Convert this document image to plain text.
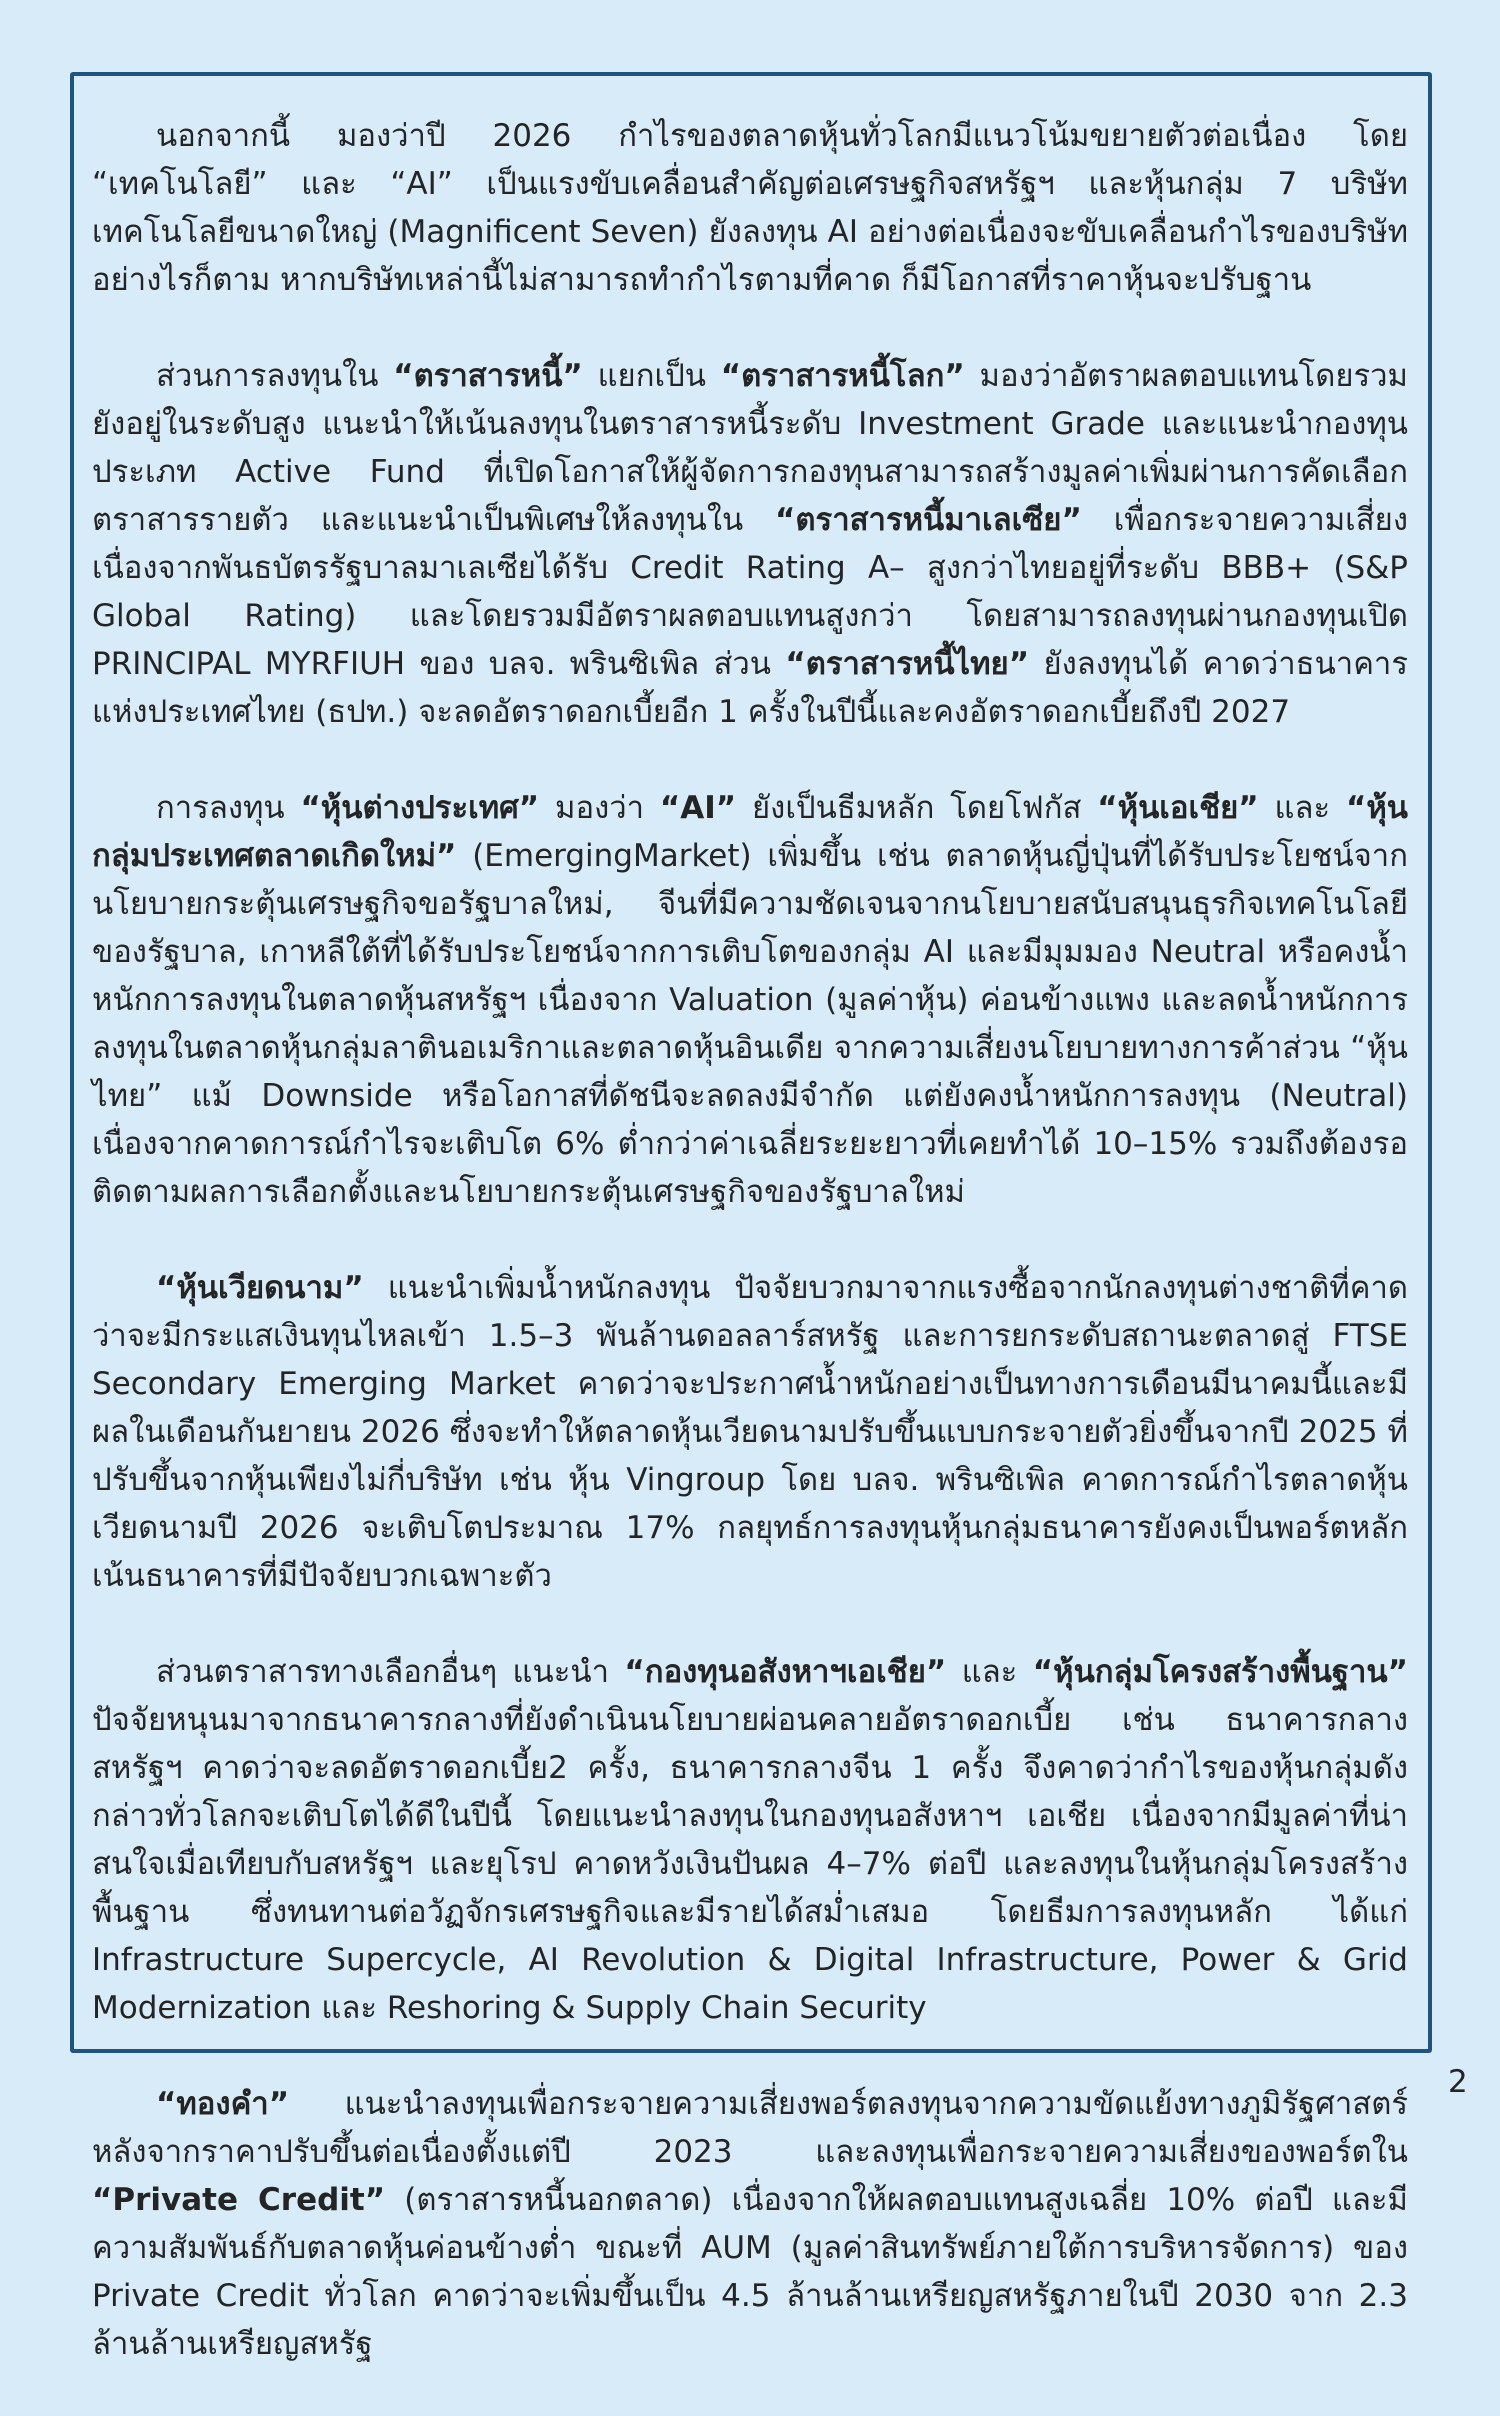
นอกจากนี้ มองว่าปี 2026 กำไรของตลาดหุ้นทั่วโลกมีแนวโน้มขยายตัวต่อเนื่อง โดย “เทคโนโลยี” และ “AI” เป็นแรงขับเคลื่อนสำคัญต่อเศรษฐกิจสหรัฐฯ และหุ้นกลุ่ม 7 บริษัทเทคโนโลยีขนาดใหญ่ (Magnificent Seven) ยังลงทุน AI อย่างต่อเนื่องจะขับเคลื่อนกำไรของบริษัท อย่างไรก็ตาม หากบริษัทเหล่านี้ไม่สามารถทำกำไรตามที่คาด ก็มีโอกาสที่ราคาหุ้นจะปรับฐาน

ส่วนการลงทุนใน “ตราสารหนี้” แยกเป็น “ตราสารหนี้โลก” มองว่าอัตราผลตอบแทนโดยรวมยังอยู่ในระดับสูง แนะนำให้เน้นลงทุนในตราสารหนี้ระดับ Investment Grade และแนะนำกองทุนประเภท Active Fund ที่เปิดโอกาสให้ผู้จัดการกองทุนสามารถสร้างมูลค่าเพิ่มผ่านการคัดเลือกตราสารรายตัว และแนะนำเป็นพิเศษให้ลงทุนใน “ตราสารหนี้มาเลเซีย” เพื่อกระจายความเสี่ยง เนื่องจากพันธบัตรรัฐบาลมาเลเซียได้รับ Credit Rating A– สูงกว่าไทยอยู่ที่ระดับ BBB+ (S&P Global Rating) และโดยรวมมีอัตราผลตอบแทนสูงกว่า โดยสามารถลงทุนผ่านกองทุนเปิด PRINCIPAL MYRFIUH ของ บลจ. พรินซิเพิล ส่วน “ตราสารหนี้ไทย” ยังลงทุนได้ คาดว่าธนาคารแห่งประเทศไทย (ธปท.) จะลดอัตราดอกเบี้ยอีก 1 ครั้งในปีนี้และคงอัตราดอกเบี้ยถึงปี 2027

การลงทุน “หุ้นต่างประเทศ” มองว่า “AI” ยังเป็นธีมหลัก โดยโฟกัส “หุ้นเอเชีย” และ “หุ้นกลุ่มประเทศตลาดเกิดใหม่” (EmergingMarket) เพิ่มขึ้น เช่น ตลาดหุ้นญี่ปุ่นที่ได้รับประโยชน์จากนโยบายกระตุ้นเศรษฐกิจขอรัฐบาลใหม่, จีนที่มีความชัดเจนจากนโยบายสนับสนุนธุรกิจเทคโนโลยีของรัฐบาล, เกาหลีใต้ที่ได้รับประโยชน์จากการเติบโตของกลุ่ม AI และมีมุมมอง Neutral หรือคงน้ำหนักการลงทุนในตลาดหุ้นสหรัฐฯ เนื่องจาก Valuation (มูลค่าหุ้น) ค่อนข้างแพง และลดน้ำหนักการลงทุนในตลาดหุ้นกลุ่มลาตินอเมริกาและตลาดหุ้นอินเดีย จากความเสี่ยงนโยบายทางการค้าส่วน “หุ้นไทย” แม้ Downside หรือโอกาสที่ดัชนีจะลดลงมีจำกัด แต่ยังคงน้ำหนักการลงทุน (Neutral) เนื่องจากคาดการณ์กำไรจะเติบโต 6% ต่ำกว่าค่าเฉลี่ยระยะยาวที่เคยทำได้ 10–15% รวมถึงต้องรอติดตามผลการเลือกตั้งและนโยบายกระตุ้นเศรษฐกิจของรัฐบาลใหม่

“หุ้นเวียดนาม” แนะนำเพิ่มน้ำหนักลงทุน ปัจจัยบวกมาจากแรงซื้อจากนักลงทุนต่างชาติที่คาดว่าจะมีกระแสเงินทุนไหลเข้า 1.5–3 พันล้านดอลลาร์สหรัฐ และการยกระดับสถานะตลาดสู่ FTSE Secondary Emerging Market คาดว่าจะประกาศน้ำหนักอย่างเป็นทางการเดือนมีนาคมนี้และมีผลในเดือนกันยายน 2026 ซึ่งจะทำให้ตลาดหุ้นเวียดนามปรับขึ้นแบบกระจายตัวยิ่งขึ้นจากปี 2025 ที่ปรับขึ้นจากหุ้นเพียงไม่กี่บริษัท เช่น หุ้น Vingroup โดย บลจ. พรินซิเพิล คาดการณ์กำไรตลาดหุ้นเวียดนามปี 2026 จะเติบโตประมาณ 17% กลยุทธ์การลงทุนหุ้นกลุ่มธนาคารยังคงเป็นพอร์ตหลักเน้นธนาคารที่มีปัจจัยบวกเฉพาะตัว

ส่วนตราสารทางเลือกอื่นๆ แนะนำ “กองทุนอสังหาฯเอเชีย” และ “หุ้นกลุ่มโครงสร้างพื้นฐาน” ปัจจัยหนุนมาจากธนาคารกลางที่ยังดำเนินนโยบายผ่อนคลายอัตราดอกเบี้ย เช่น ธนาคารกลางสหรัฐฯ คาดว่าจะลดอัตราดอกเบี้ย2 ครั้ง, ธนาคารกลางจีน 1 ครั้ง จึงคาดว่ากำไรของหุ้นกลุ่มดังกล่าวทั่วโลกจะเติบโตได้ดีในปีนี้ โดยแนะนำลงทุนในกองทุนอสังหาฯ เอเชีย เนื่องจากมีมูลค่าที่น่าสนใจเมื่อเทียบกับสหรัฐฯ และยุโรป คาดหวังเงินปันผล 4–7% ต่อปี และลงทุนในหุ้นกลุ่มโครงสร้างพื้นฐาน ซึ่งทนทานต่อวัฏจักรเศรษฐกิจและมีรายได้สม่ำเสมอ โดยธีมการลงทุนหลัก ได้แก่ Infrastructure Supercycle, AI Revolution & Digital Infrastructure, Power & Grid Modernization และ Reshoring & Supply Chain Security

“ทองคำ” แนะนำลงทุนเพื่อกระจายความเสี่ยงพอร์ตลงทุนจากความขัดแย้งทางภูมิรัฐศาสตร์หลังจากราคาปรับขึ้นต่อเนื่องตั้งแต่ปี 2023 และลงทุนเพื่อกระจายความเสี่ยงของพอร์ตใน “Private Credit” (ตราสารหนี้นอกตลาด) เนื่องจากให้ผลตอบแทนสูงเฉลี่ย 10% ต่อปี และมีความสัมพันธ์กับตลาดหุ้นค่อนข้างต่ำ ขณะที่ AUM (มูลค่าสินทรัพย์ภายใต้การบริหารจัดการ) ของ Private Credit ทั่วโลก คาดว่าจะเพิ่มขึ้นเป็น 4.5 ล้านล้านเหรียญสหรัฐภายในปี 2030 จาก 2.3 ล้านล้านเหรียญสหรัฐ

2
